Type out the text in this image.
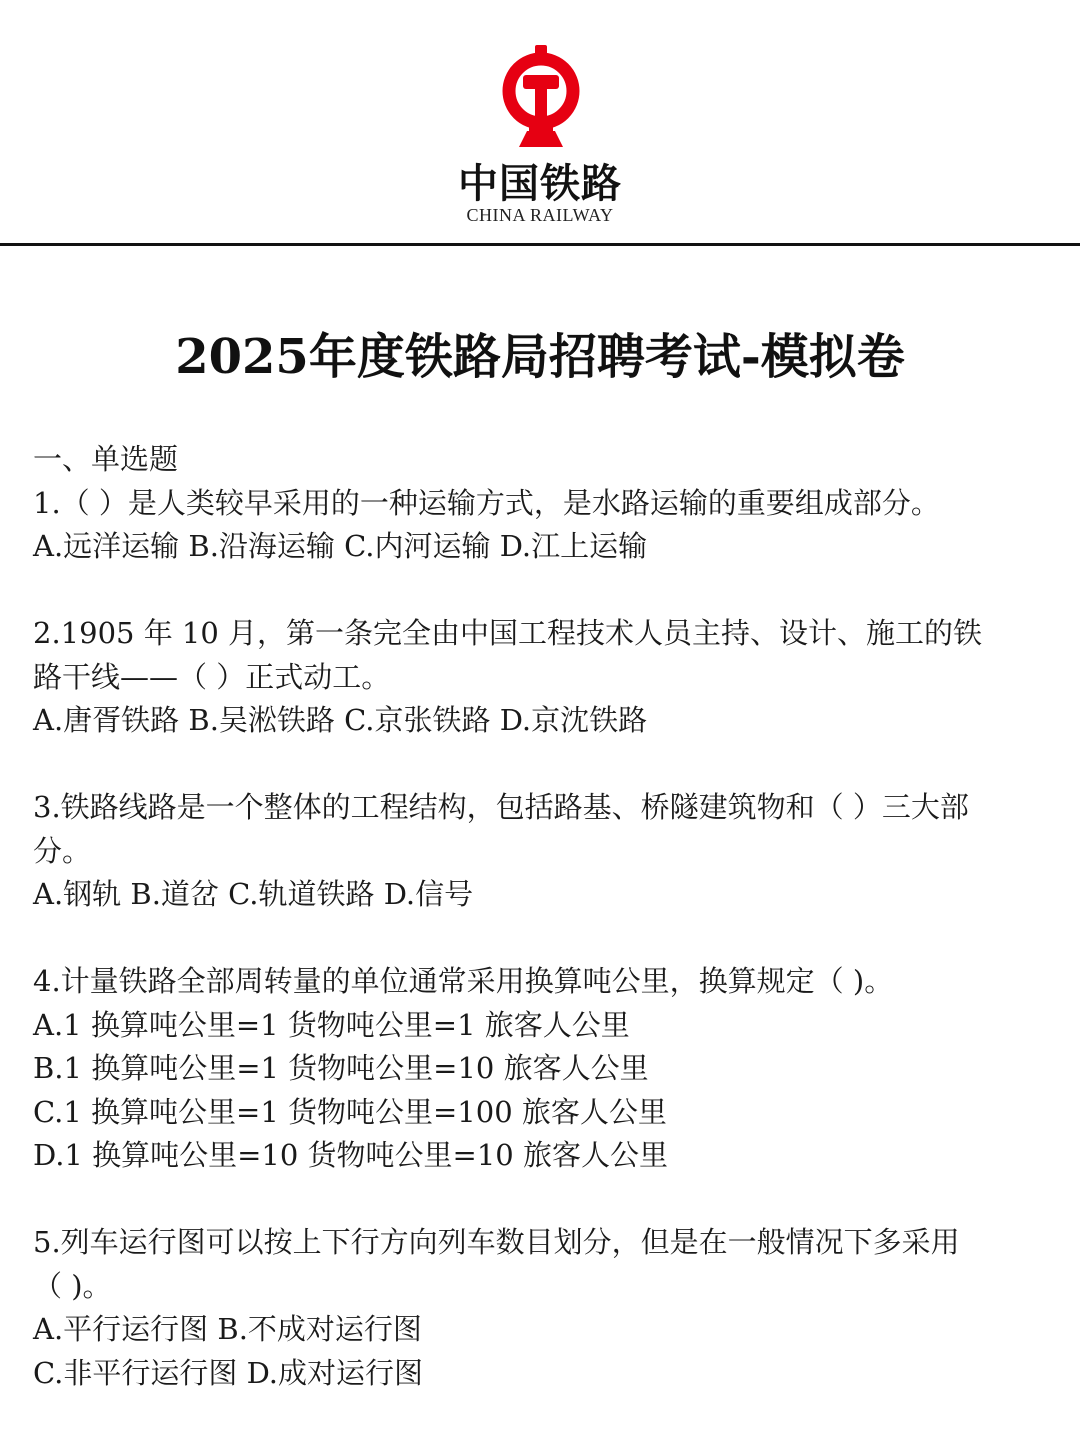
中国铁路
CHINA RAILWAY
2025年度铁路局招聘考试-模拟卷
一、单选题
1.（ ）是人类较早采用的一种运输方式，是水路运输的重要组成部分。
A.远洋运输 B.沿海运输 C.内河运输 D.江上运输
2.1905 年 10 月，第一条完全由中国工程技术人员主持、设计、施工的铁
路干线——（ ）正式动工。
A.唐胥铁路 B.吴淞铁路 C.京张铁路 D.京沈铁路
3.铁路线路是一个整体的工程结构，包括路基、桥隧建筑物和（ ）三大部
分。
A.钢轨 B.道岔 C.轨道铁路 D.信号
4.计量铁路全部周转量的单位通常采用换算吨公里，换算规定（ )。
A.1 换算吨公里=1 货物吨公里=1 旅客人公里
B.1 换算吨公里=1 货物吨公里=10 旅客人公里
C.1 换算吨公里=1 货物吨公里=100 旅客人公里
D.1 换算吨公里=10 货物吨公里=10 旅客人公里
5.列车运行图可以按上下行方向列车数目划分，但是在一般情况下多采用
（ )。
A.平行运行图 B.不成对运行图
C.非平行运行图 D.成对运行图
